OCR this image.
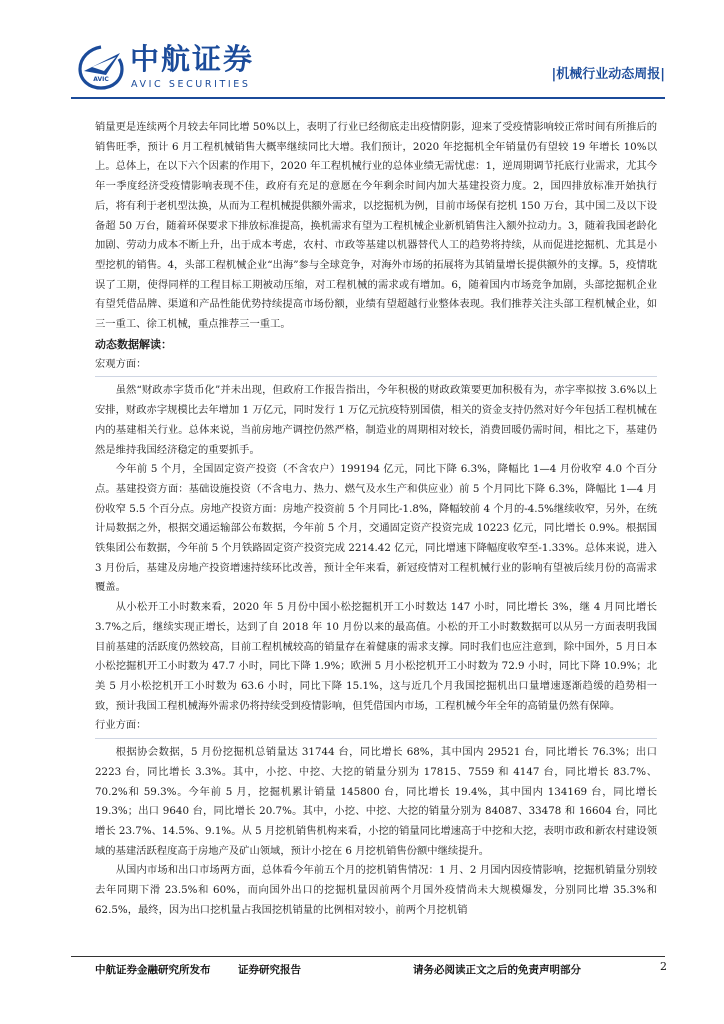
AVIC
中航证券
AVIC SECURITIES
|机械行业动态周报|

销量更是连续两个月较去年同比增 50%以上，表明了行业已经彻底走出疫情阴影，迎来了受疫情影响较正常时间有所推后的销售旺季，预计 6 月工程机械销售大概率继续同比大增。我们预计，2020 年挖掘机全年销量仍有望较 19 年增长 10%以上。总体上，在以下六个因素的作用下，2020 年工程机械行业的总体业绩无需忧虑：1，逆周期调节托底行业需求，尤其今年一季度经济受疫情影响表现不佳，政府有充足的意愿在今年剩余时间内加大基建投资力度。2，国四排放标准开始执行后，将有利于老机型汰换，从而为工程机械提供额外需求，以挖掘机为例，目前市场保有挖机 150 万台，其中国二及以下设备超 50 万台，随着环保要求下排放标准提高，换机需求有望为工程机械企业新机销售注入额外拉动力。3，随着我国老龄化加剧、劳动力成本不断上升，出于成本考虑，农村、市政等基建以机器替代人工的趋势将持续，从而促进挖掘机、尤其是小型挖机的销售。4，头部工程机械企业“出海”参与全球竞争，对海外市场的拓展将为其销量增长提供额外的支撑。5，疫情耽误了工期，使得同样的工程目标工期被动压缩，对工程机械的需求或有增加。6，随着国内市场竞争加剧，头部挖掘机企业有望凭借品牌、渠道和产品性能优势持续提高市场份额，业绩有望超越行业整体表现。我们推荐关注头部工程机械企业，如三一重工、徐工机械，重点推荐三一重工。

动态数据解读：

宏观方面：

虽然“财政赤字货币化”并未出现，但政府工作报告指出，今年积极的财政政策要更加积极有为，赤字率拟按 3.6%以上安排，财政赤字规模比去年增加 1 万亿元，同时发行 1 万亿元抗疫特别国债，相关的资金支持仍然对好今年包括工程机械在内的基建相关行业。总体来说，当前房地产调控仍然严格，制造业的周期相对较长，消费回暖仍需时间，相比之下，基建仍然是维持我国经济稳定的重要抓手。

今年前 5 个月，全国固定资产投资（不含农户）199194 亿元，同比下降 6.3%，降幅比 1—4 月份收窄 4.0 个百分点。基建投资方面：基础设施投资（不含电力、热力、燃气及水生产和供应业）前 5 个月同比下降 6.3%，降幅比 1—4 月份收窄 5.5 个百分点。房地产投资方面：房地产投资前 5 个月同比-1.8%，降幅较前 4 个月的-4.5%继续收窄，另外，在统计局数据之外，根据交通运输部公布数据，今年前 5 个月，交通固定资产投资完成 10223 亿元，同比增长 0.9%。根据国铁集团公布数据，今年前 5 个月铁路固定资产投资完成 2214.42 亿元，同比增速下降幅度收窄至-1.33%。总体来说，进入 3 月份后，基建及房地产投资增速持续环比改善，预计全年来看，新冠疫情对工程机械行业的影响有望被后续月份的高需求覆盖。

从小松开工小时数来看，2020 年 5 月份中国小松挖掘机开工小时数达 147 小时，同比增长 3%，继 4 月同比增长 3.7%之后，继续实现正增长，达到了自 2018 年 10 月份以来的最高值。小松的开工小时数数据可以从另一方面表明我国目前基建的活跃度仍然较高，目前工程机械较高的销量存在着健康的需求支撑。同时我们也应注意到，除中国外，5 月日本小松挖掘机开工小时数为 47.7 小时，同比下降 1.9%；欧洲 5 月小松挖机开工小时数为 72.9 小时，同比下降 10.9%；北美 5 月小松挖机开工小时数为 63.6 小时，同比下降 15.1%，这与近几个月我国挖掘机出口量增速逐渐趋缓的趋势相一致，预计我国工程机械海外需求仍将持续受到疫情影响，但凭借国内市场，工程机械今年全年的高销量仍然有保障。

行业方面：

根据协会数据，5 月份挖掘机总销量达 31744 台，同比增长 68%，其中国内 29521 台，同比增长 76.3%；出口 2223 台，同比增长 3.3%。其中，小挖、中挖、大挖的销量分别为 17815、7559 和 4147 台，同比增长 83.7%、70.2%和 59.3%。今年前 5 月，挖掘机累计销量 145800 台，同比增长 19.4%，其中国内 134169 台，同比增长 19.3%；出口 9640 台，同比增长 20.7%。其中，小挖、中挖、大挖的销量分别为 84087、33478 和 16604 台，同比增长 23.7%、14.5%、9.1%。从 5 月挖机销售机构来看，小挖的销量同比增速高于中挖和大挖，表明市政和新农村建设领域的基建活跃程度高于房地产及矿山领域，预计小挖在 6 月挖机销售份额中继续提升。

从国内市场和出口市场两方面，总体看今年前五个月的挖机销售情况：1 月、2 月国内因疫情影响，挖掘机销量分别较去年同期下滑 23.5%和 60%，而向国外出口的挖掘机量因前两个月国外疫情尚未大规模爆发，分别同比增 35.3%和 62.5%，最终，因为出口挖机量占我国挖机销量的比例相对较小，前两个月挖机销

中航证券金融研究所发布	证券研究报告	请务必阅读正文之后的免责声明部分	2
